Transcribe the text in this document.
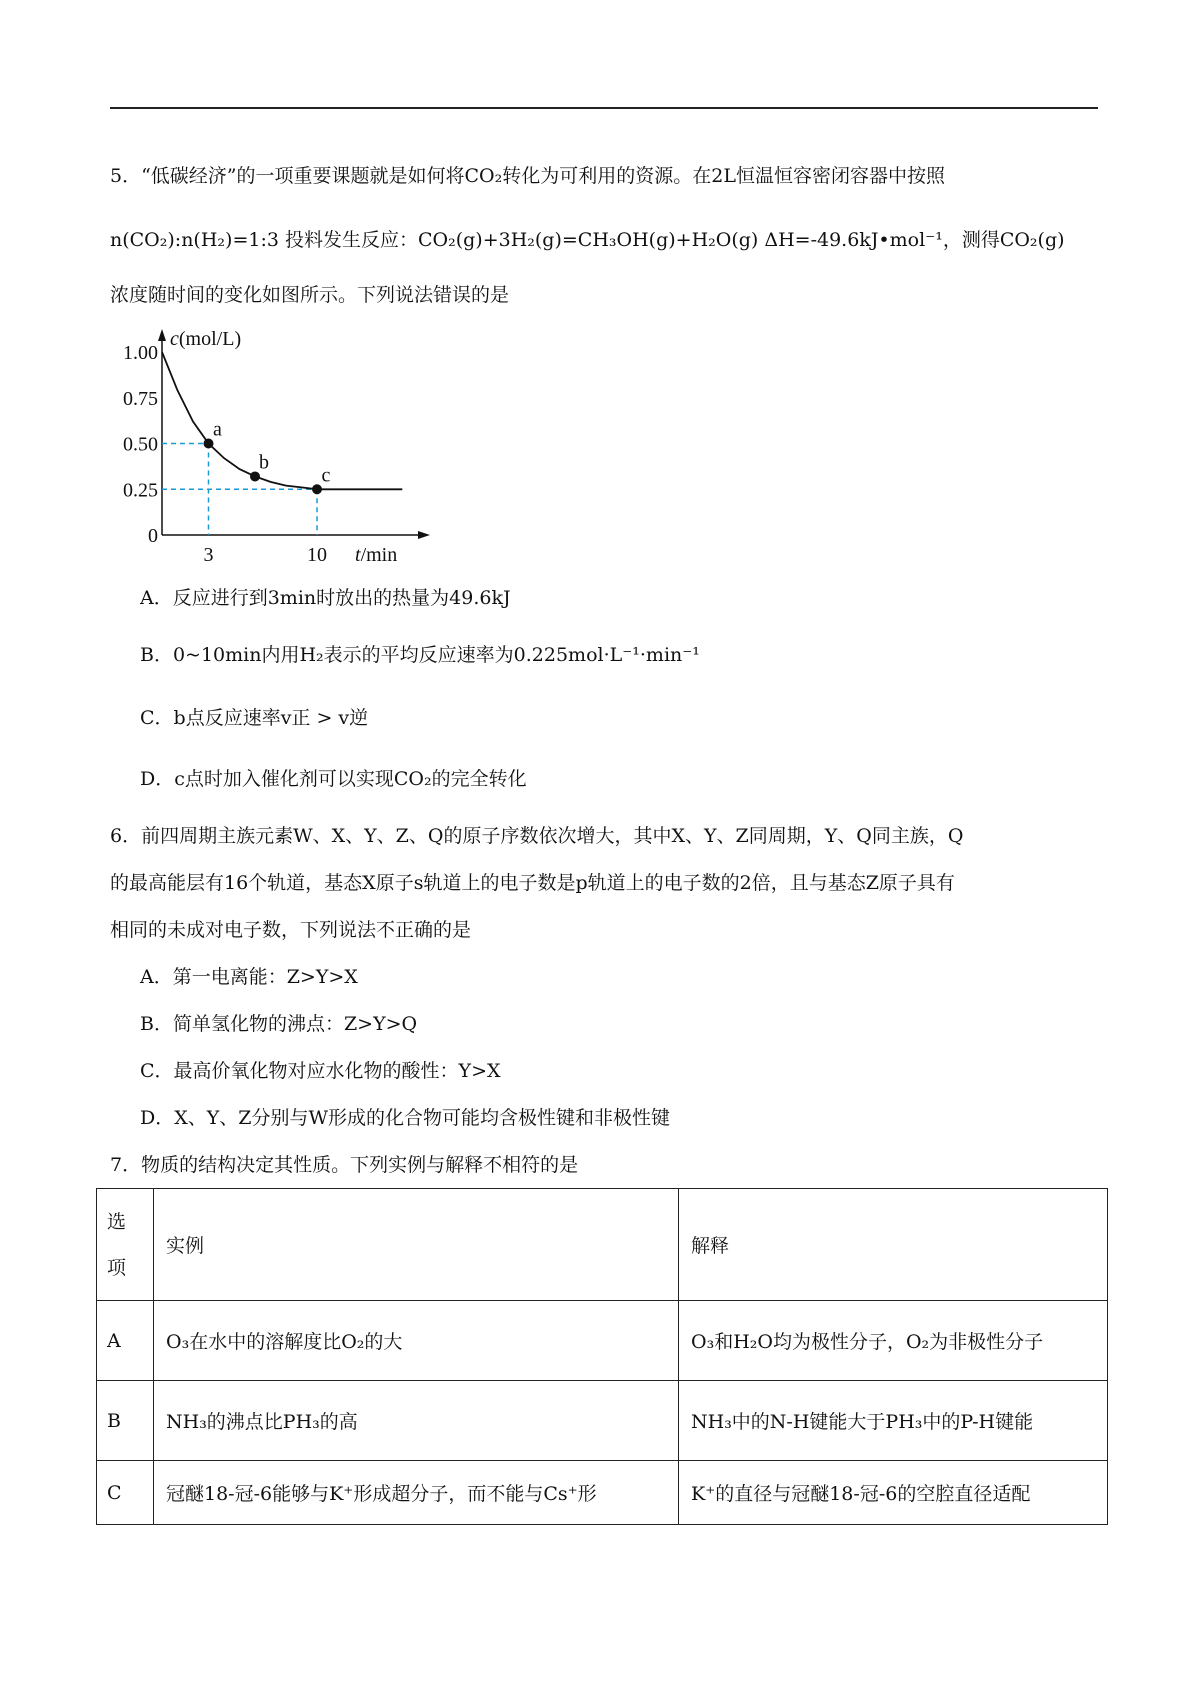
5．“低碳经济”的一项重要课题就是如何将CO₂转化为可利用的资源。在2L恒温恒容密闭容器中按照
n(CO₂):n(H₂)=1:3 投料发生反应：CO₂(g)+3H₂(g)=CH₃OH(g)+H₂O(g) ΔH=-49.6kJ•mol⁻¹，测得CO₂(g)
浓度随时间的变化如图所示。下列说法错误的是
1.00
0.75
0.50
0.25
0
3	10
c(mol/L)
t/min
a
b
c
A．反应进行到3min时放出的热量为49.6kJ
B．0~10min内用H₂表示的平均反应速率为0.225mol·L⁻¹·min⁻¹
C．b点反应速率v正 > v逆
D．c点时加入催化剂可以实现CO₂的完全转化
6．前四周期主族元素W、X、Y、Z、Q的原子序数依次增大，其中X、Y、Z同周期，Y、Q同主族，Q
的最高能层有16个轨道，基态X原子s轨道上的电子数是p轨道上的电子数的2倍，且与基态Z原子具有
相同的未成对电子数，下列说法不正确的是
A．第一电离能：Z>Y>X
B．简单氢化物的沸点：Z>Y>Q
C．最高价氧化物对应水化物的酸性：Y>X
D．X、Y、Z分别与W形成的化合物可能均含极性键和非极性键
7．物质的结构决定其性质。下列实例与解释不相符的是
选
项	实例	解释
A	O₃在水中的溶解度比O₂的大	O₃和H₂O均为极性分子，O₂为非极性分子
B	NH₃的沸点比PH₃的高	NH₃中的N-H键能大于PH₃中的P-H键能
C	冠醚18-冠-6能够与K⁺形成超分子，而不能与Cs⁺形	K⁺的直径与冠醚18-冠-6的空腔直径适配
